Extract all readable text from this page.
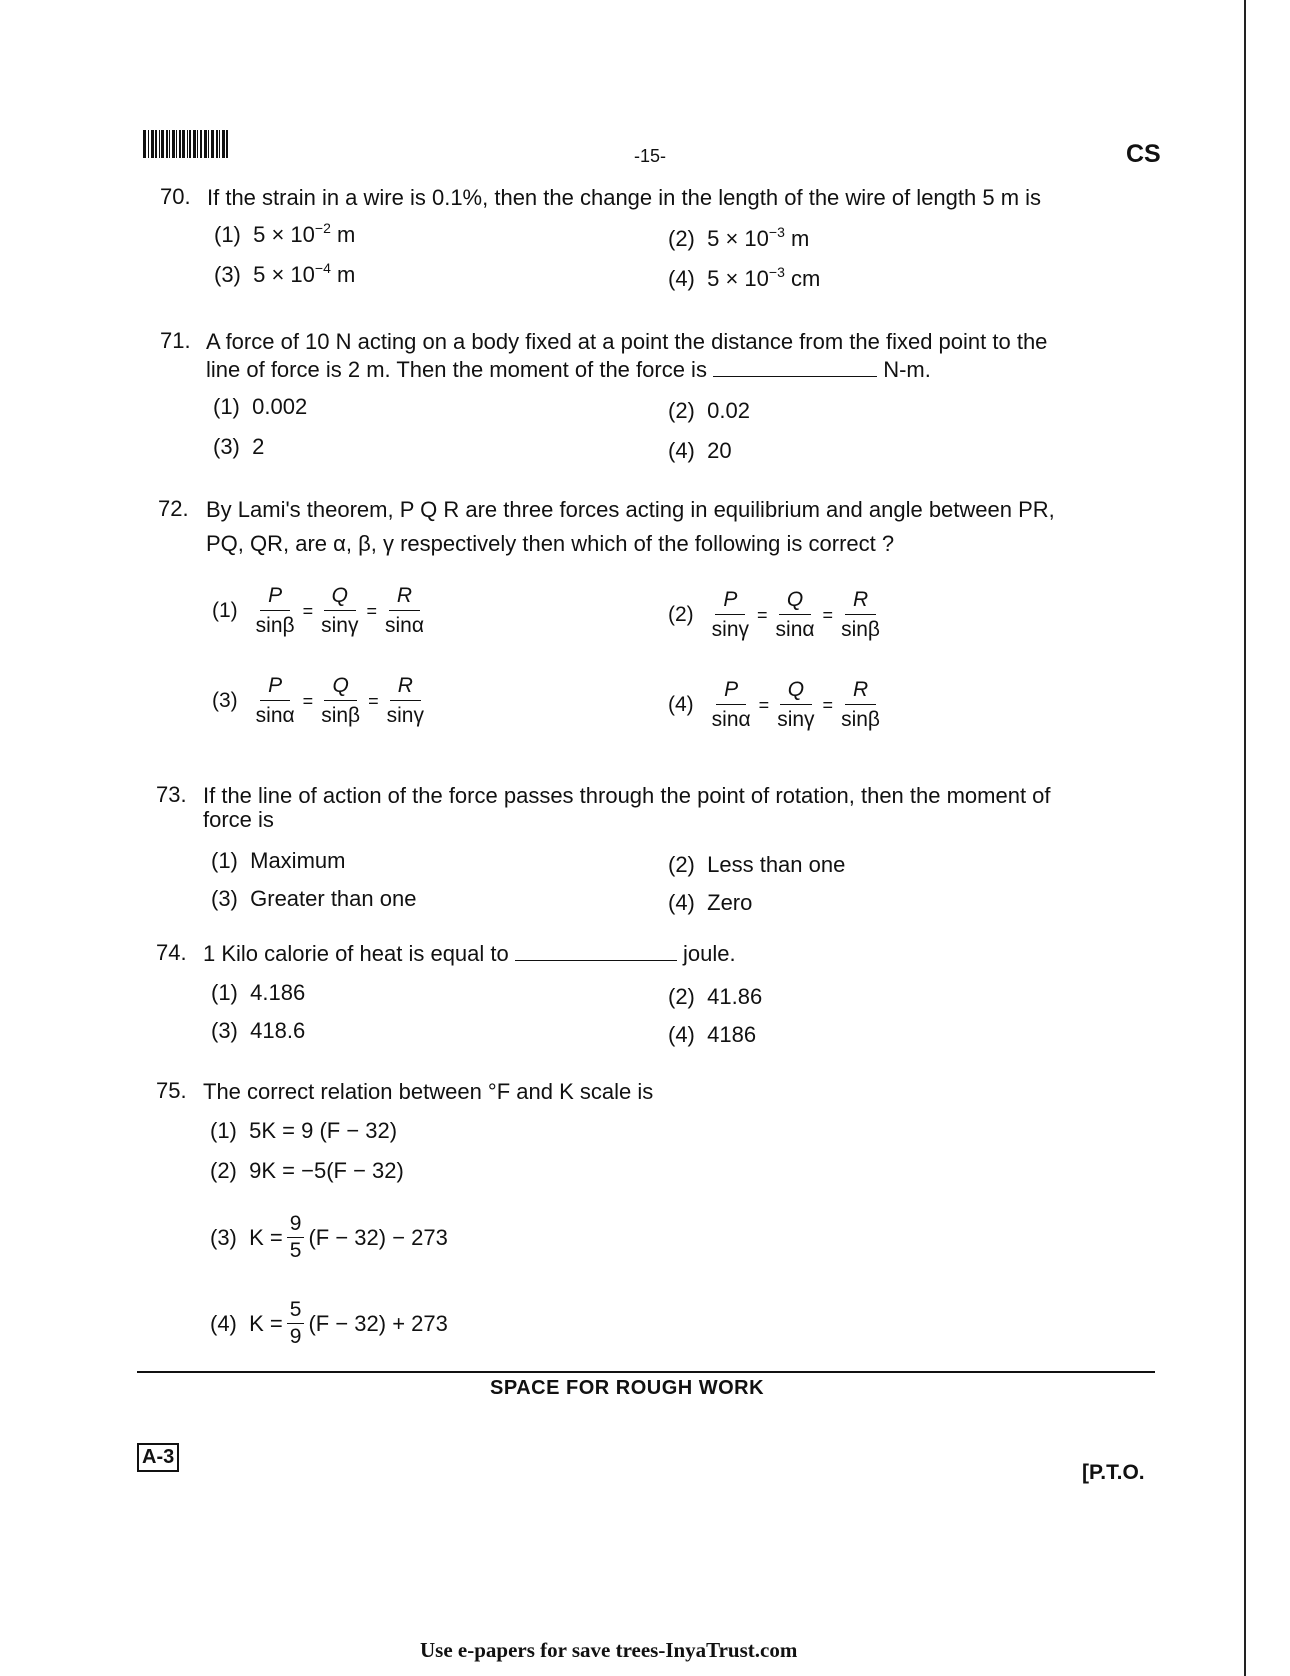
-15-	CS
70. If the strain in a wire is 0.1%, then the change in the length of the wire of length 5 m is
(1) $5 \times 10^{-2}$ m	(2) $5 \times 10^{-3}$ m
(3) $5 \times 10^{-4}$ m	(4) $5 \times 10^{-3}$ cm
71. A force of 10 N acting on a body fixed at a point the distance from the fixed point to the
line of force is 2 m. Then the moment of the force is	N-m.
(1) 0.002	(2) 0.02
(3) 2	(4) 20
72. By Lami's theorem, P Q R are three forces acting in equilibrium and angle between PR,
PQ, QR, are α, β, γ respectively then which of the following is correct ?
$(1) \frac{P}{\sin\beta} = \frac{Q}{\sin\gamma} = \frac{R}{\sin\alpha}$	$(2) \frac{P}{\sin\gamma} = \frac{Q}{\sin\alpha} = \frac{R}{\sin\beta}$
$(3) \frac{P}{\sin\alpha} = \frac{Q}{\sin\beta} = \frac{R}{\sin\gamma}$	$(4) \frac{P}{\sin\alpha} = \frac{Q}{\sin\gamma} = \frac{R}{\sin\beta}$
73. If the line of action of the force passes through the point of rotation, then the moment of
force is
(1) Maximum	(2) Less than one
(3) Greater than one	(4) Zero
74. 1 Kilo calorie of heat is equal to	joule.
(1) 4.186	(2) 41.86
(3) 418.6	(4) 4186
75. The correct relation between °F and K scale is
(1) 5K = 9 (F − 32)
(2) 9K = −5(F − 32)
(3)
$K = \frac{9}{5} (F - 32) - 273$
(4)
$K = \frac{5}{9} (F - 32) + 273$
SPACE FOR ROUGH WORK
A-3
[P.T.O.
Use e-papers for save trees-InyaTrust.com
